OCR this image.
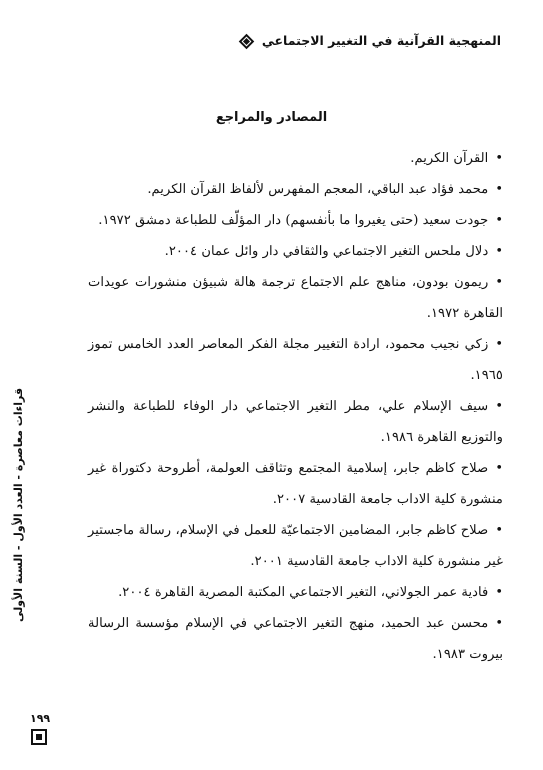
المنهجية القرآنية في التغيير الاجتماعي
المصادر والمراجع
•القرآن الكريم.
•محمد فؤاد عبد الباقي، المعجم المفهرس لألفاظ القرآن الكريم.
•جودت سعيد (حتى يغيروا ما بأنفسهم) دار المؤلّف للطباعة دمشق ١٩٧٢.
•دلال ملحس التغير الاجتماعي والثقافي دار وائل عمان ٢٠٠٤.
•ريمون بودون، مناهج علم الاجتماع ترجمة هالة شبيؤن منشورات عويدات القاهرة ١٩٧٢.
•زكي نجيب محمود، ارادة التغيير مجلة الفكر المعاصر العدد الخامس تموز ١٩٦٥.
•سيف الإسلام علي، مطر التغير الاجتماعي دار الوفاء للطباعة والنشر والتوزيع القاهرة ١٩٨٦.
•صلاح كاظم جابر، إسلامية المجتمع وتثاقف العولمة، أطروحة دكتوراة غير منشورة كلية الاداب جامعة القادسية ٢٠٠٧.
•صلاح كاظم جابر، المضامين الاجتماعيّة للعمل في الإسلام، رسالة ماجستير غير منشورة كلية الاداب جامعة القادسية ٢٠٠١.
•فادية عمر الجولاني، التغير الاجتماعي المكتبة المصرية القاهرة ٢٠٠٤.
•محسن عبد الحميد، منهج التغير الاجتماعي في الإسلام مؤسسة الرسالة بيروت ١٩٨٣.
قراءات معاصرة - العدد الأول - السنة الأولى
١٩٩
